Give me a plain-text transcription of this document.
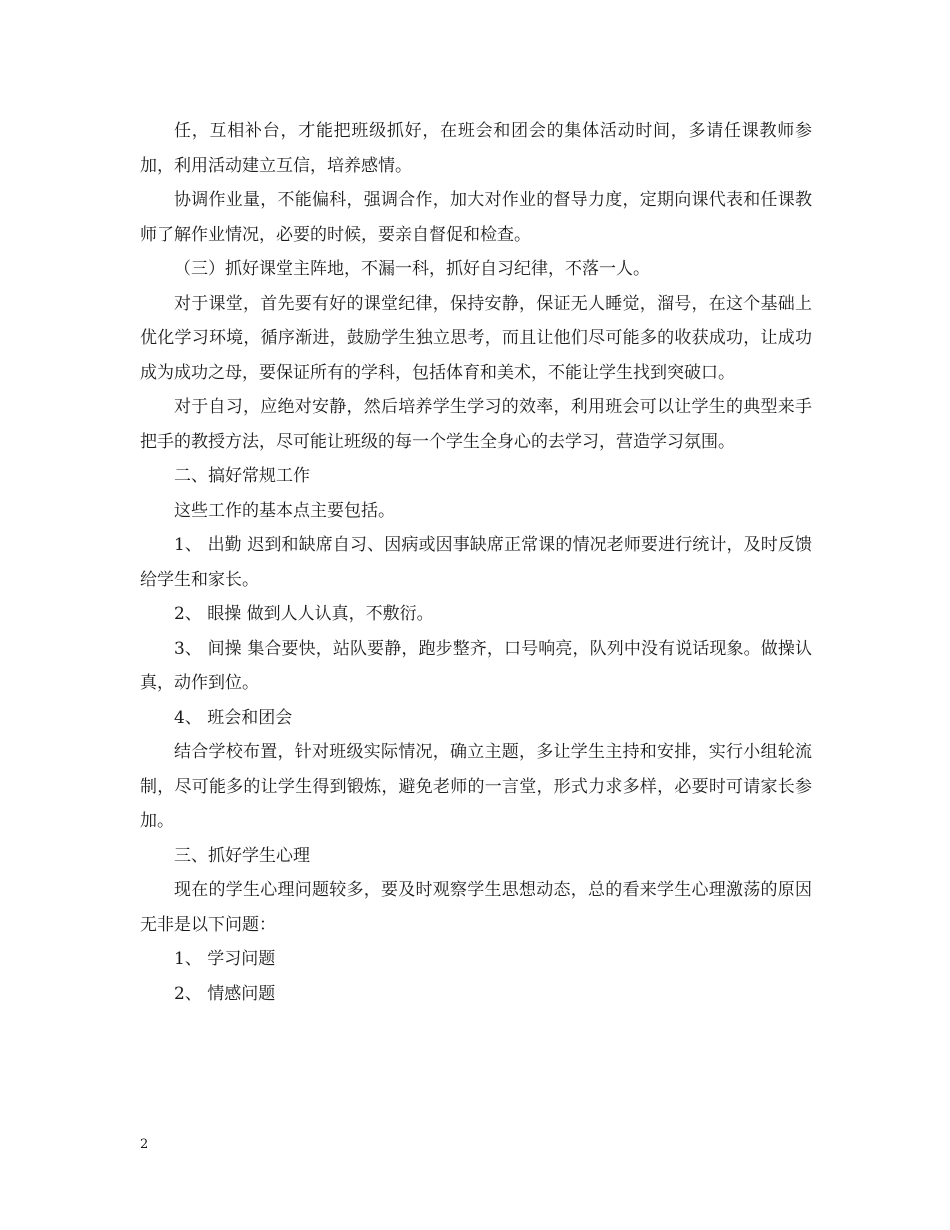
任，互相补台，才能把班级抓好，在班会和团会的集体活动时间，多请任课教师参加，利用活动建立互信，培养感情。

协调作业量，不能偏科，强调合作，加大对作业的督导力度，定期向课代表和任课教师了解作业情况，必要的时候，要亲自督促和检查。

（三）抓好课堂主阵地，不漏一科，抓好自习纪律，不落一人。

对于课堂，首先要有好的课堂纪律，保持安静，保证无人睡觉，溜号，在这个基础上优化学习环境，循序渐进，鼓励学生独立思考，而且让他们尽可能多的收获成功，让成功成为成功之母，要保证所有的学科，包括体育和美术，不能让学生找到突破口。

对于自习，应绝对安静，然后培养学生学习的效率，利用班会可以让学生的典型来手把手的教授方法，尽可能让班级的每一个学生全身心的去学习，营造学习氛围。

二、搞好常规工作

这些工作的基本点主要包括。

1、 出勤 迟到和缺席自习、因病或因事缺席正常课的情况老师要进行统计，及时反馈给学生和家长。

2、 眼操 做到人人认真，不敷衍。

3、 间操 集合要快，站队要静，跑步整齐，口号响亮，队列中没有说话现象。做操认真，动作到位。

4、 班会和团会

结合学校布置，针对班级实际情况，确立主题，多让学生主持和安排，实行小组轮流制，尽可能多的让学生得到锻炼，避免老师的一言堂，形式力求多样，必要时可请家长参加。

三、抓好学生心理

现在的学生心理问题较多，要及时观察学生思想动态，总的看来学生心理激荡的原因无非是以下问题：

1、 学习问题

2、 情感问题

2
